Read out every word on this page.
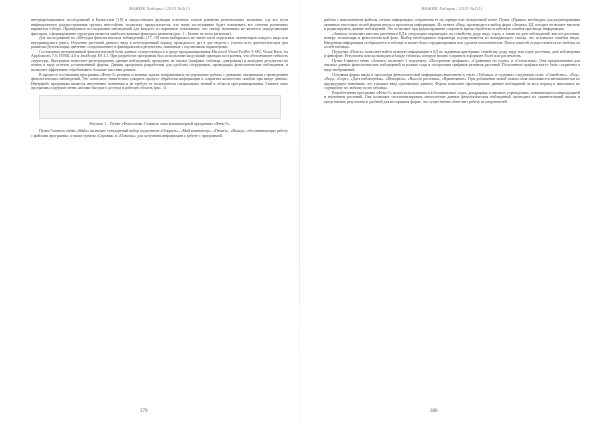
ВАЖНЕ Хабарш / 2015 №2(1)

интерпретационных исследований в Казахстане [18] и предоставляет функции основных этапов развития региональных экономик, где все пути инфекционного распространения группы неустойчив, поскольку предполагается, что наше исследование будет охватывать все степени различных вариантов отбора. Проведенные исследования наблюдений для каждого из вариантов показывают, что сектор экономики не является определяющим фактором, а формирование структуры является наиболее важным фактором развития (рис. 1 - Баланс по всем регионам).

Для исследований по «Методам фенологических наблюдений» [17, 18] нами выбирались не менее пяти модельных экземпляров каждого вида или внутривидового ранга. Изучение растений данного вида в вегетационный период проводилось раз в две недели с учетом всех фенологических фаз развития (бутонизация, цветение, плодоношение) и фиксировались результаты, связанные с изучаемыми параметрами.

Составление интерактивной фенологической базы данных осуществлялось в среде программирования Microsoft Visual FoxPro 9 SP2, Visual Basic for Applications 7.0, HTML 4.0 и JavaScript ES 2.1. При разработке программы был использован модульный принцип построения, что обеспечивает гибкость структуры. Программа позволяет регистрировать данные наблюдений, проводить их анализ (графики, таблицы, диаграммы) и выводить результаты на печать в виде отчетов установленной формы. Данная программа разработана для удобства сотрудников, проводящих фенологические наблюдения, и позволяет эффективно обрабатывать большие массивы данных.

В процессе составления программы «Фено-5» решены основные задачи, направленные на упрощение работы с данными, связанными с проведением фенологических наблюдений. Это позволило значительно ускорить процесс обработки информации и сократить количество ошибок при вводе данных. Интерфейс программы является интуитивно понятным и не требует от пользователя специальных знаний в области программирования. Главное окно программы содержит меню, кнопки быстрого доступа и рабочую область (рис. 1).

Рисунок 1 – Пункт «Фенология» Главного окна компьютерной программы «Фено-5»

Пункт Главного меню «Файл» включает стандартный набор подпунктов «Открыть», «Мой компьютер», «Печать», «Выход», обеспечивающих работу с файлами программы, а также пункты «Справка» и «Помощь» для получения информации о работе с программой.

379
ВАЖНЕ Хабарш / 2015 №2(1)

работы с выполненным файлом, печати информации, сохранения ее на сервере или электронной почте. Пункт «Правка» необходим для редактирования активных текстовых полей формы ввода и просмотра информации. Из пункта «Вид» производится выбор форм «Записи» БД, которое позволяет вносить и редактировать данные наблюдений. Это позволяет при редактировании сократить время обработки и избежать ошибок при вводе информации.

«Записи» позволяет вносить растения в БД в следующих параметрах: по семейству, роду, виду, сорту, а также по дате наблюдений, высоте растения, номеру экземпляра и фенологической фазе. Выбор необходимого параметра осуществляется из выпадающего списка, что исключает ошибки ввода. Введенная информация отображается в таблице и может быть отредактирована или удалена пользователем. Поиск записей осуществляется по любому из полей таблицы.

Подпункт «Поиск» позволяет найти нужную информацию в БД по заданным критериям: семейству, роду, виду или сорту растения, дате наблюдения и фенофазе. Результаты поиска выводятся в виде таблицы, которую можно сохранить в формате Excel или распечатать.

Пункт Главного меню «Анализ» включает 3 подпункта: «Построение графиков», «Сравнение по годам» и «Статистика». Они предназначены для анализа данных фенологических наблюдений за разные годы и построения графиков развития растений. Полученные графики могут быть сохранены в виде изображений.

Основная форма ввода и просмотра фенологической информации выполнена в стиле «Таблица» и содержит следующие поля: «Семейство», «Род», «Вид», «Сорт», «Дата наблюдения», «Фенофаза», «Высота растения», «Примечание». При добавлении новой записи поля заполняются автоматически по предыдущим значениям, что ускоряет ввод однотипных данных. Форма позволяет просматривать данные наблюдений за весь период и выполнять их сортировку по любому полю таблицы.

Разработанная программа «Фено-5» может использоваться в ботанических садах, дендрариях и научных учреждениях, занимающихся интродукцией и изучением растений. Она позволяет систематизировать многолетние данные фенологических наблюдений, проводить их сравнительный анализ и представлять результаты в удобной для восприятия форме, что существенно облегчает работу исследователей.

380
